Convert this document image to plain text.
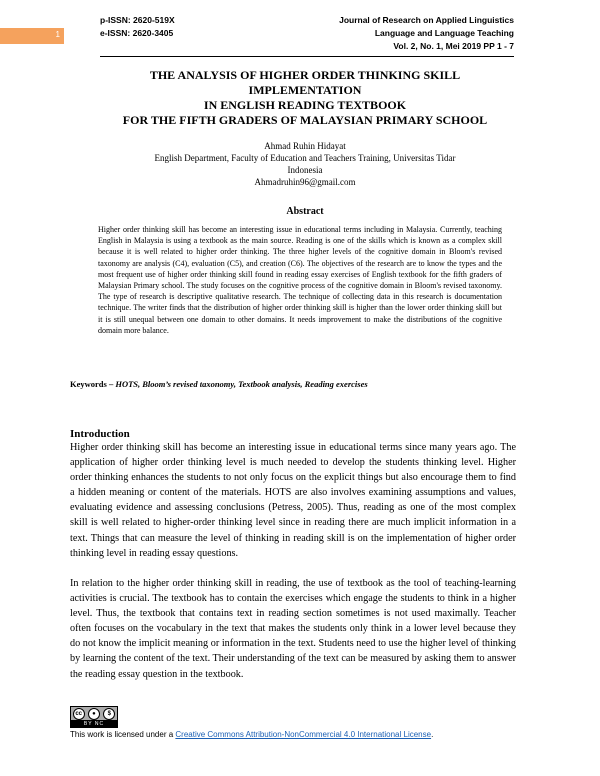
1
p-ISSN: 2620-519X
e-ISSN: 2620-3405
Journal of Research on Applied Linguistics
Language and Language Teaching
Vol. 2, No. 1, Mei 2019 PP 1 - 7
THE ANALYSIS OF HIGHER ORDER THINKING SKILL
IMPLEMENTATION
IN ENGLISH READING TEXTBOOK
FOR THE FIFTH GRADERS OF MALAYSIAN PRIMARY SCHOOL
Ahmad Ruhin Hidayat
English Department, Faculty of Education and Teachers Training, Universitas Tidar
Indonesia
Ahmadruhin96@gmail.com
Abstract

Higher order thinking skill has become an interesting issue in educational terms including in Malaysia. Currently, teaching English in Malaysia is using a textbook as the main source. Reading is one of the skills which is known as a complex skill because it is well related to higher order thinking. The three higher levels of the cognitive domain in Bloom's revised taxonomy are analysis (C4), evaluation (C5), and creation (C6). The objectives of the research are to know the types and the most frequent use of higher order thinking skill found in reading essay exercises of English textbook for the fifth graders of Malaysian Primary school. The study focuses on the cognitive process of the cognitive domain in Bloom's revised taxonomy. The type of research is descriptive qualitative research. The technique of collecting data in this research is documentation technique. The writer finds that the distribution of higher order thinking skill is higher than the lower order thinking skill but it is still unequal between one domain to other domains. It needs improvement to make the distributions of the cognitive domain more balance.

Keywords – HOTS, Bloom’s revised taxonomy, Textbook analysis, Reading exercises
Introduction

Higher order thinking skill has become an interesting issue in educational terms since many years ago. The application of higher order thinking level is much needed to develop the students thinking level. Higher order thinking enhances the students to not only focus on the explicit things but also encourage them to find a hidden meaning or content of the materials. HOTS are also involves examining assumptions and values, evaluating evidence and assessing conclusions (Petress, 2005). Thus, reading as one of the most complex skill is well related to higher-order thinking level since in reading there are much implicit information in a text. Things that can measure the level of thinking in reading skill is on the implementation of higher order thinking level in reading essay questions.

In relation to the higher order thinking skill in reading, the use of textbook as the tool of teaching-learning activities is crucial. The textbook has to contain the exercises which engage the students to think in a higher level. Thus, the textbook that contains text in reading section sometimes is not used maximally. Teacher often focuses on the vocabulary in the text that makes the students only think in a lower level because they do not know the implicit meaning or information in the text. Students need to use the higher level of thinking by learning the content of the text. Their understanding of the text can be measured by asking them to answer the reading essay question in the textbook.

cc	●	$
BY NC
This work is licensed under a Creative Commons Attribution-NonCommercial 4.0 International License.
